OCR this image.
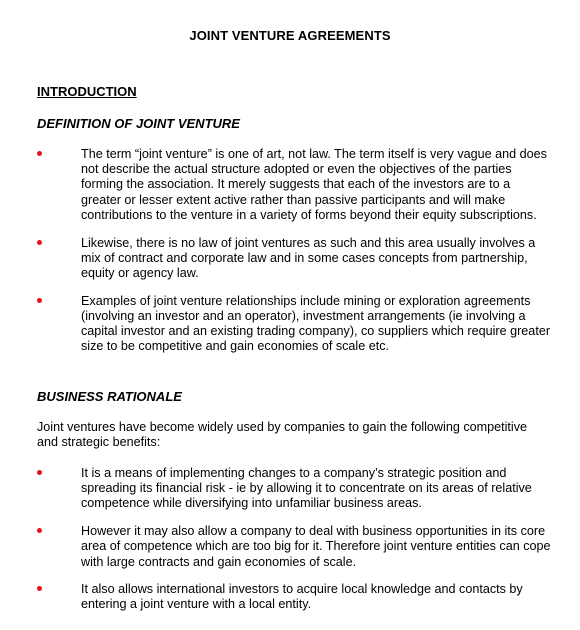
JOINT VENTURE AGREEMENTS
INTRODUCTION
DEFINITION OF JOINT VENTURE
The term “joint venture” is one of art, not law. The term itself is very vague and does not describe the actual structure adopted or even the objectives of the parties forming the association. It merely suggests that each of the investors are to a greater or lesser extent active rather than passive participants and will make contributions to the venture in a variety of forms beyond their equity subscriptions.
Likewise, there is no law of joint ventures as such and this area usually involves a mix of contract and corporate law and in some cases concepts from partnership, equity or agency law.
Examples of joint venture relationships include mining or exploration agreements (involving an investor and an operator), investment arrangements (ie involving a capital investor and an existing trading company), co suppliers which require greater size to be competitive and gain economies of scale etc.
BUSINESS RATIONALE
Joint ventures have become widely used by companies to gain the following competitive and strategic benefits:
It is a means of implementing changes to a company’s strategic position and spreading its financial risk - ie by allowing it to concentrate on its areas of relative competence while diversifying into unfamiliar business areas.
However it may also allow a company to deal with business opportunities in its core area of competence which are too big for it. Therefore joint venture entities can cope with large contracts and gain economies of scale.
It also allows international investors to acquire local knowledge and contacts by entering a joint venture with a local entity.
